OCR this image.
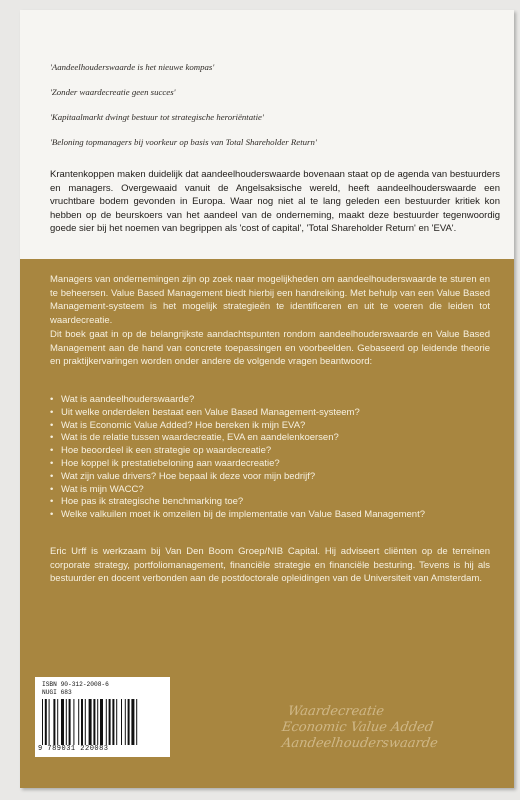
'Aandeelhouderswaarde is het nieuwe kompas'
'Zonder waardecreatie geen succes'
'Kapitaalmarkt dwingt bestuur tot strategische heroriëntatie'
'Beloning topmanagers bij voorkeur op basis van Total Shareholder Return'

Krantenkoppen maken duidelijk dat aandeelhouderswaarde bovenaan staat op de agenda van bestuurders en managers. Overgewaaid vanuit de Angelsaksische wereld, heeft aandeelhouderswaarde een vruchtbare bodem gevonden in Europa. Waar nog niet al te lang geleden een bestuurder kritiek kon hebben op de beurskoers van het aandeel van de onderneming, maakt deze bestuurder tegenwoordig goede sier bij het noemen van begrippen als 'cost of capital', 'Total Shareholder Return' en 'EVA'.

Managers van ondernemingen zijn op zoek naar mogelijkheden om aandeelhouderswaarde te sturen en te beheersen. Value Based Management biedt hierbij een handreiking. Met behulp van een Value Based Management-systeem is het mogelijk strategieën te identificeren en uit te voeren die leiden tot waardecreatie.

Dit boek gaat in op de belangrijkste aandachtspunten rondom aandeelhouderswaarde en Value Based Management aan de hand van concrete toepassingen en voorbeelden. Gebaseerd op leidende theorie en praktijkervaringen worden onder andere de volgende vragen beantwoord:

• Wat is aandeelhouderswaarde?
• Uit welke onderdelen bestaat een Value Based Management-systeem?
• Wat is Economic Value Added? Hoe bereken ik mijn EVA?
• Wat is de relatie tussen waardecreatie, EVA en aandelenkoersen?
• Hoe beoordeel ik een strategie op waardecreatie?
• Hoe koppel ik prestatiebeloning aan waardecreatie?
• Wat zijn value drivers? Hoe bepaal ik deze voor mijn bedrijf?
• Wat is mijn WACC?
• Hoe pas ik strategische benchmarking toe?
• Welke valkuilen moet ik omzeilen bij de implementatie van Value Based Management?

Eric Urff is werkzaam bij Van Den Boom Groep/NIB Capital. Hij adviseert cliënten op de terreinen corporate strategy, portfoliomanagement, financiële strategie en financiële besturing. Tevens is hij als bestuurder en docent verbonden aan de postdoctorale opleidingen van de Universiteit van Amsterdam.

ISBN 90-312-2008-6
NUGI 683
9 789031 220083
Waardecreatie
Economic Value Added
Aandeelhouderswaarde
